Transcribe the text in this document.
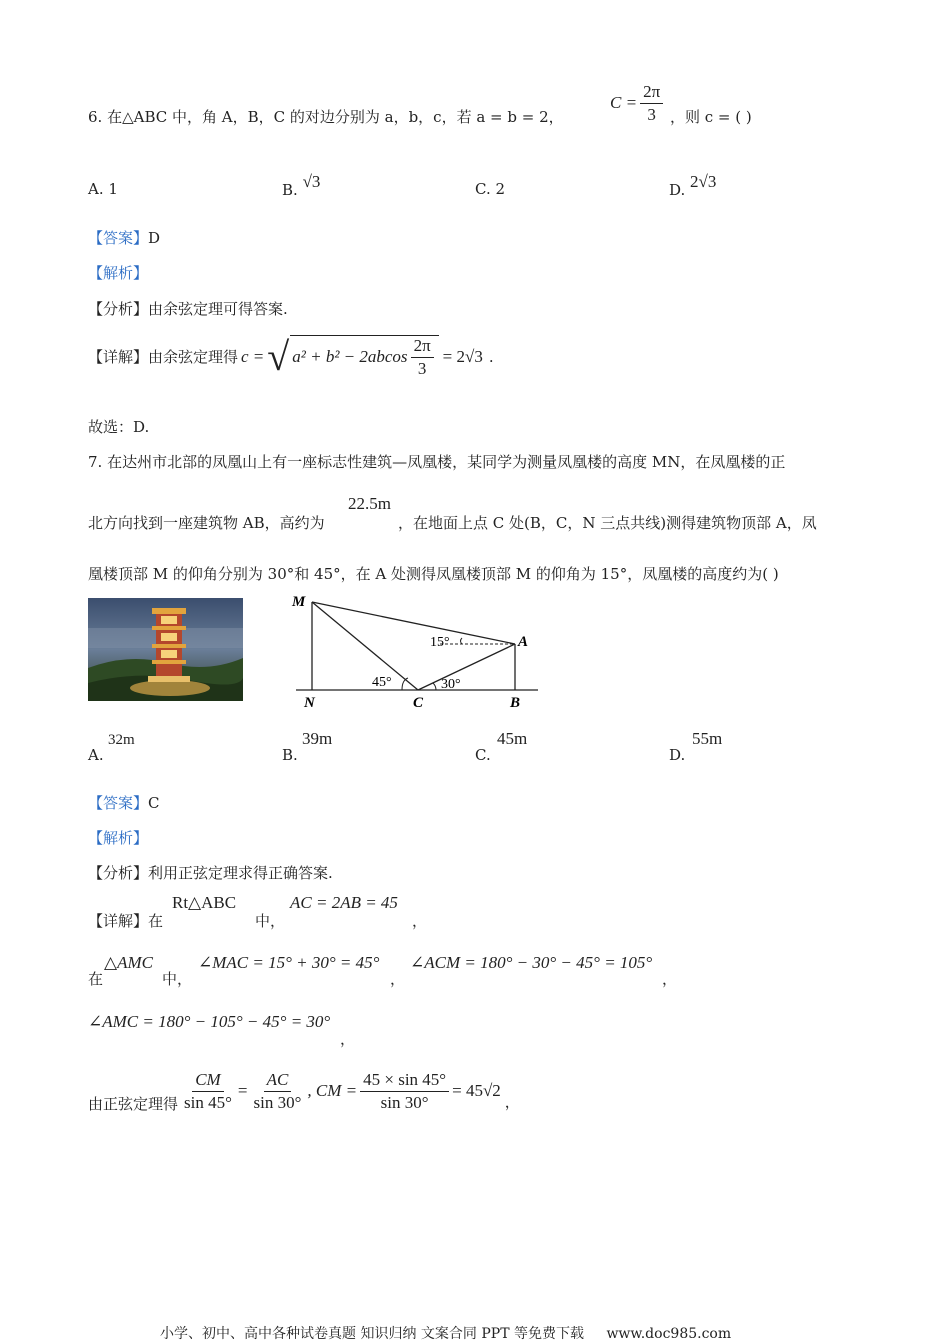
6. 在△ABC 中，角 A，B，C 的对边分别为 a，b，c，若 a = b = 2，
$C = \frac{2\pi}{3}$ ，则 c = ( )
A. 1	B. √3	C. 2	D. 2√3
【答案】D
【解析】
【分析】由余弦定理可得答案.
【详解】由余弦定理得 c = √ $a^2 + b^2 - 2abcos \frac{2\pi}{3} = 2√3$ .
故选：D.
7. 在达州市北部的凤凰山上有一座标志性建筑—凤凰楼，某同学为测量凤凰楼的高度 MN，在凤凰楼的正
北方向找到一座建筑物 AB，高约为
22.5m
，在地面上点 C 处(B，C，N 三点共线)测得建筑物顶部 A，凤
凰楼顶部 M 的仰角分别为 30°和 45°，在 A 处测得凤凰楼顶部 M 的仰角为 15°，凤凰楼的高度约为( )
M
A
N	C	B
15°
45°	30°
A.
32m
B.
39m
C.
45m
D.
55m
【答案】C
【解析】
【分析】利用正弦定理求得正确答案.
【详解】在
Rt△ABC
中，
AC = 2AB = 45
，
在
△AMC
中，
∠MAC = 15° + 30° = 45°
，
∠ACM = 180° − 30° − 45° = 105°
，
∠AMC = 180° − 105° − 45° = 30°
，
由正弦定理得 $\frac{CM}{\sin 45^\circ} = \frac{AC}{\sin 30^\circ}$ , CM = $\frac{45 \times \sin 45^\circ}{\sin 30^\circ} = 45√2$
，
小学、初中、高中各种试卷真题 知识归纳 文案合同 PPT 等免费下载 www.doc985.com
